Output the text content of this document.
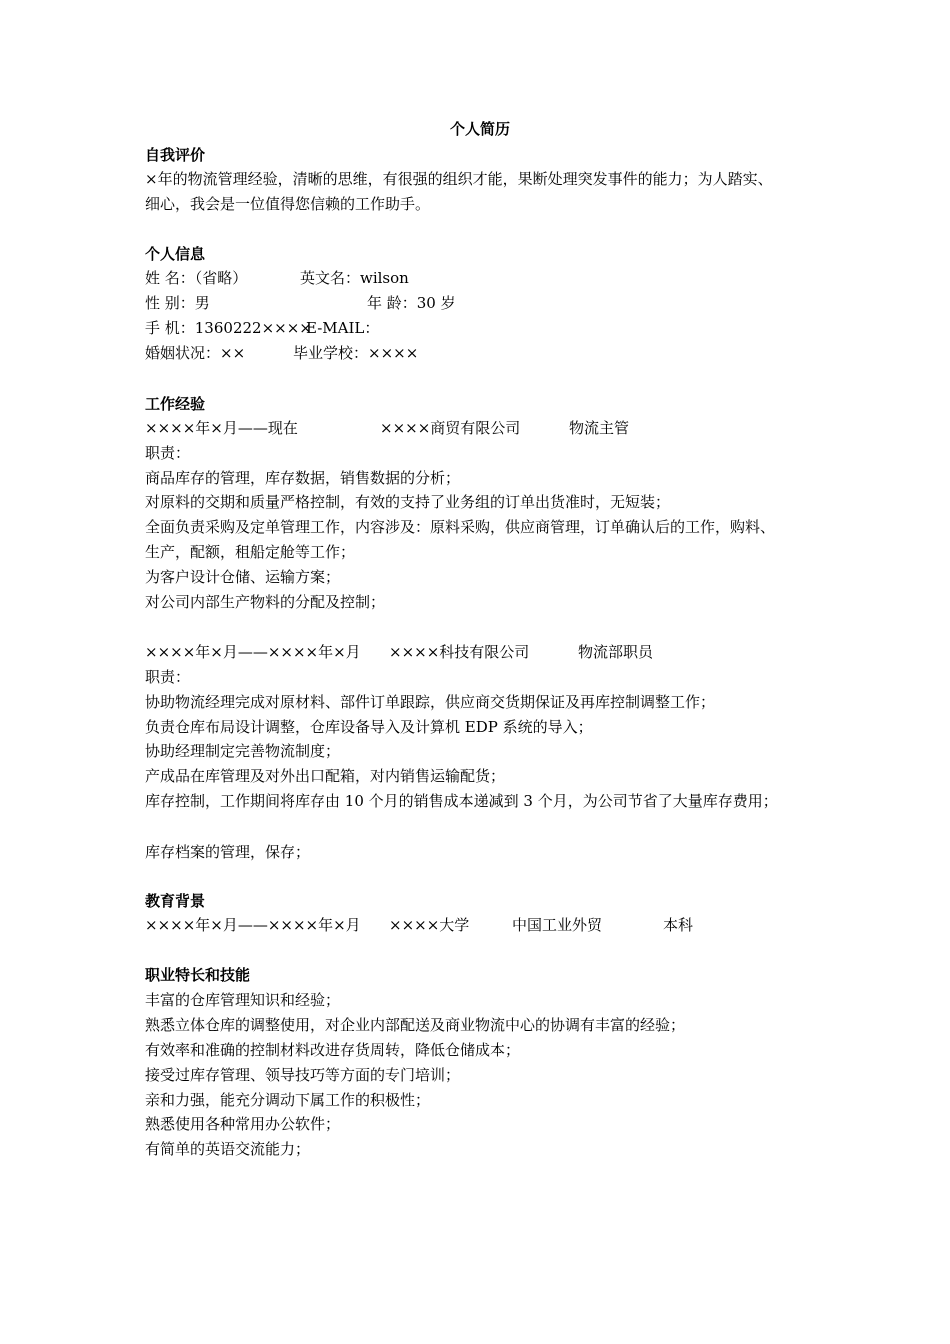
个人简历
自我评价
×年的物流管理经验，清晰的思维，有很强的组织才能，果断处理突发事件的能力；为人踏实、
细心，我会是一位值得您信赖的工作助手。
个人信息
姓 名：（省略）	英文名：wilson
性 别：男	年 龄：30 岁
手 机：1360222××××
E-MAIL：
婚姻状况：××	毕业学校：××××
工作经验
××××年×月——现在	××××商贸有限公司	物流主管
职责：
商品库存的管理，库存数据，销售数据的分析；
对原料的交期和质量严格控制，有效的支持了业务组的订单出货准时，无短装；
全面负责采购及定单管理工作，内容涉及：原料采购，供应商管理，订单确认后的工作，购料、
生产，配额，租船定舱等工作；
为客户设计仓储、运输方案；
对公司内部生产物料的分配及控制；
××××年×月——××××年×月 ××××科技有限公司	物流部职员
职责：
协助物流经理完成对原材料、部件订单跟踪，供应商交货期保证及再库控制调整工作；
负责仓库布局设计调整，仓库设备导入及计算机 EDP 系统的导入；
协助经理制定完善物流制度；
产成品在库管理及对外出口配箱，对内销售运输配货；
库存控制，工作期间将库存由 10 个月的销售成本递减到 3 个月，为公司节省了大量库存费用；
库存档案的管理，保存；
教育背景
××××年×月——××××年×月 ××××大学	中国工业外贸	本科
职业特长和技能
丰富的仓库管理知识和经验；
熟悉立体仓库的调整使用，对企业内部配送及商业物流中心的协调有丰富的经验；
有效率和准确的控制材料改进存货周转，降低仓储成本；
接受过库存管理、领导技巧等方面的专门培训；
亲和力强，能充分调动下属工作的积极性；
熟悉使用各种常用办公软件；
有简单的英语交流能力；
